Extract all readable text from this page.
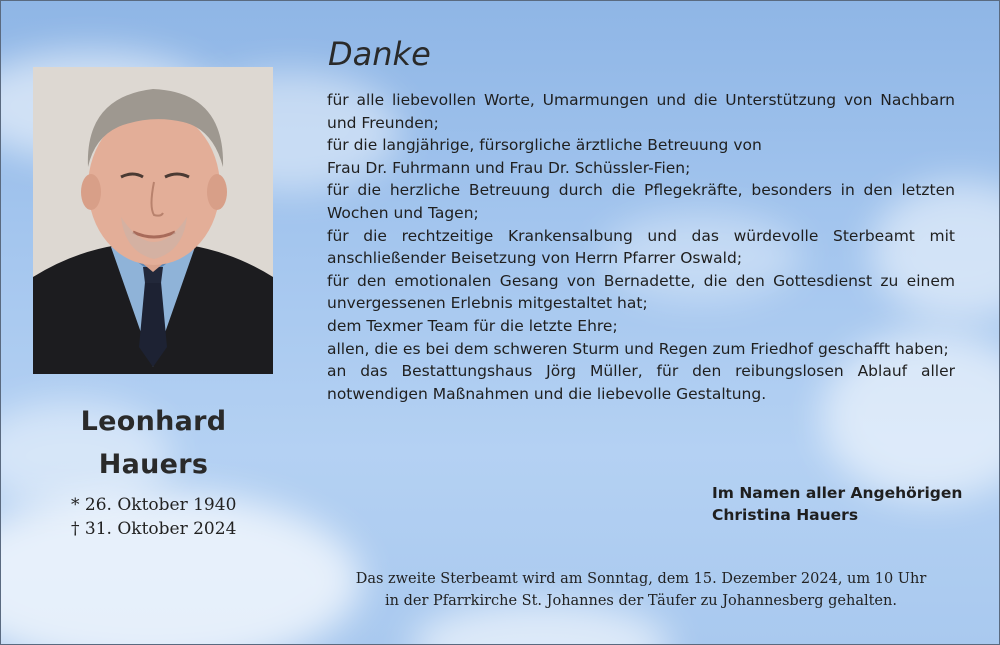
Leonhard
Hauers
* 26. Oktober 1940
† 31. Oktober 2024
Danke

für alle liebevollen Worte, Umarmungen und die Unterstützung von Nachbarn und Freunden;

für die langjährige, fürsorgliche ärztliche Betreuung von

Frau Dr. Fuhrmann und Frau Dr. Schüssler-Fien;

für die herzliche Betreuung durch die Pflegekräfte, besonders in den letzten Wochen und Tagen;

für die rechtzeitige Krankensalbung und das würdevolle Sterbeamt mit anschließender Beisetzung von Herrn Pfarrer Oswald;

für den emotionalen Gesang von Bernadette, die den Gottesdienst zu einem unvergessenen Erlebnis mitgestaltet hat;

dem Texmer Team für die letzte Ehre;

allen, die es bei dem schweren Sturm und Regen zum Friedhof geschafft haben;

an das Bestattungshaus Jörg Müller, für den reibungslosen Ablauf aller notwendigen Maßnahmen und die liebevolle Gestaltung.

Im Namen aller Angehörigen
Christina Hauers
Das zweite Sterbeamt wird am Sonntag, dem 15. Dezember 2024, um 10 Uhr
in der Pfarrkirche St. Johannes der Täufer zu Johannesberg gehalten.
